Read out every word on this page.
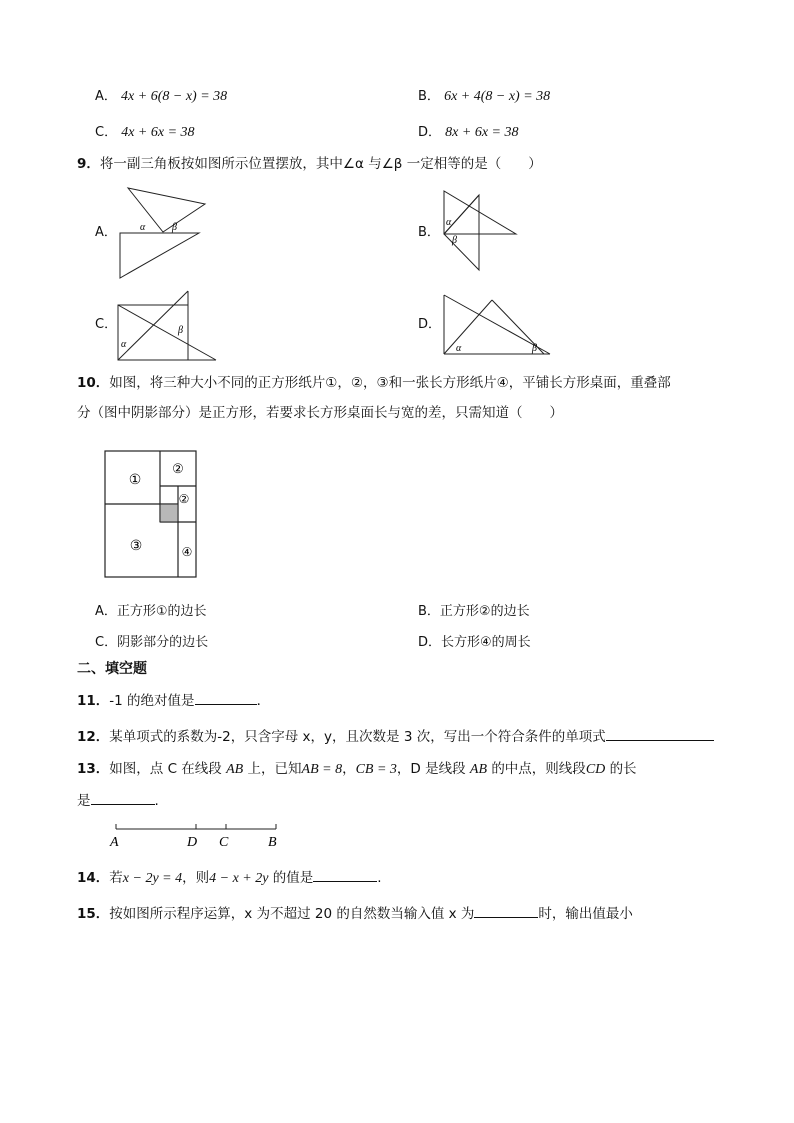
A． 4x + 6(8 − x) = 38	B． 6x + 4(8 − x) = 38
C． 4x + 6x = 38	D． 8x + 6x = 38
9．将一副三角板按如图所示位置摆放，其中∠α 与∠β 一定相等的是（　　）
A． α	β	B．
α
β
C．
α
β	D．
α	β
10．如图，将三种大小不同的正方形纸片①，②，③和一张长方形纸片④，平铺长方形桌面，重叠部
分（图中阴影部分）是正方形，若要求长方形桌面长与宽的差，只需知道（　　）
①
②
②
③	④
A．正方形①的边长	B．正方形②的边长
C．阴影部分的边长	D．长方形④的周长
二、填空题
11．-1 的绝对值是	．
12．某单项式的系数为-2，只含字母 x，y，且次数是 3 次，写出一个符合条件的单项式
13．如图，点 C 在线段 AB 上，已知AB = 8，CB = 3，D 是线段 AB 的中点，则线段CD 的长
是	.
A	D C	B
14．若x − 2y = 4，则4 − x + 2y 的值是	.
15．按如图所示程序运算，x 为不超过 20 的自然数当输入值 x 为	时，输出值最小
